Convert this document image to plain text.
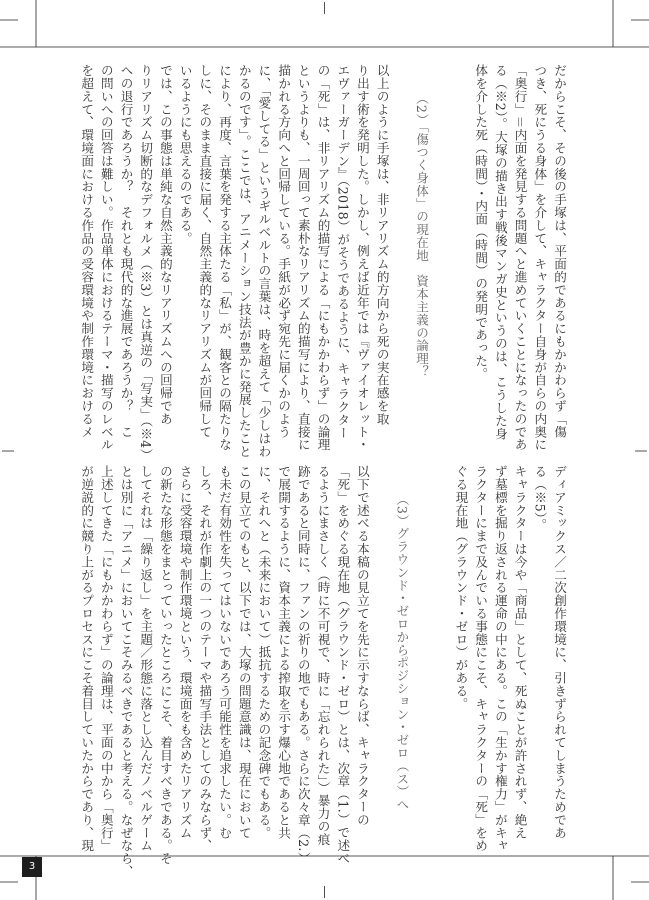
だからこそ、その後の手塚は、平面的であるにもかかわらず「傷

つき、死にうる身体」を介して、キャラクター自身が自らの内奥に

「奥行」＝内面を発見する問題へと進めていくことになったのであ

る（※2）。大塚の描き出す戦後マンガ史というのは、こうした身

体を介した死（時間）・内面（時間）の発明であった。

（2）「傷つく身体」の現在地　資本主義の論理？

以上のように手塚は、非リアリズム的方向から死の実在感を取

り出す術を発明した。しかし、例えば近年では『ヴァイオレット・

エヴァーガーデン』（2018）がそうであるように、キャラクター

の「死」は、非リアリズム的描写による「にもかかわらず」の論理

というよりも、一周回って素朴なリアリズム的描写により、直接に

描かれる方向へと回帰している。手紙が必ず宛先に届くかのよう

に、「愛してる」というギルベルトの言葉は、時を超えて「少しはわ

かるのです」。ここでは、アニメーション技法が豊かに発展したこと

により、再度、言葉を発する主体たる「私」が、観客との隔たりな

しに、そのまま直接に届く、自然主義的なリアリズムが回帰して

いるようにも思えるのである。

では、この事態は単純な自然主義的なリアリズムへの回帰であ

りリアリズム切断的なデフォルメ（※3）とは真逆の「写実」（※4）

への退行であろうか？　それとも現代的な進展であろうか？　こ

の問いへの回答は難しい。作品単体におけるテーマ・描写のレベル

を超えて、環境面における作品の受容環境や制作環境におけるメ

ディアミックス／二次創作環境に、引きずられてしまうためであ

る（※5）。

キャラクターは今や「商品」として、死ぬことが許されず、絶え

ず墓標を掘り返される運命の中にある。この「生かす権力」がキャ

ラクターにまで及んでいる事態にこそ、キャラクターの「死」をめ

ぐる現在地（グラウンド・ゼロ）がある。

（3）グラウンド・ゼロからポジション・ゼロ（ス）へ

以下で述べる本稿の見立てを先に示すならば、キャラクターの

「死」をめぐる現在地（グラウンド・ゼロ）とは、次章（1.）で述べ

るようにまさしく（時に不可視で、時に「忘れられた」）暴力の痕

跡であると同時に、ファンの祈りの地でもある。さらに次々章（2.）

で展開するように、資本主義による搾取を示す爆心地であると共

に、それへと（未来において）抵抗するための記念碑でもある。

この見立てのもと、以下では、大塚の問題意識は、現在において

も未だ有効性を失ってはいないであろう可能性を追求したい。む

しろ、それが作劇上の一つのテーマや描写手法としてのみならず、

さらに受容環境や制作環境という、環境面をも含めたリアリズム

の新たな形態をまとっていったところにこそ、着目すべきである。そ

してそれは「繰り返し」を主題／形態に落とし込んだノベルゲーム

とは別に「アニメ」においてこそみるべきであると考える。なぜなら、

上述してきた「にもかかわらず」の論理は、平面の中から「奥行」

が逆説的に競り上がるプロセスにこそ着目していたからであり、現

3
